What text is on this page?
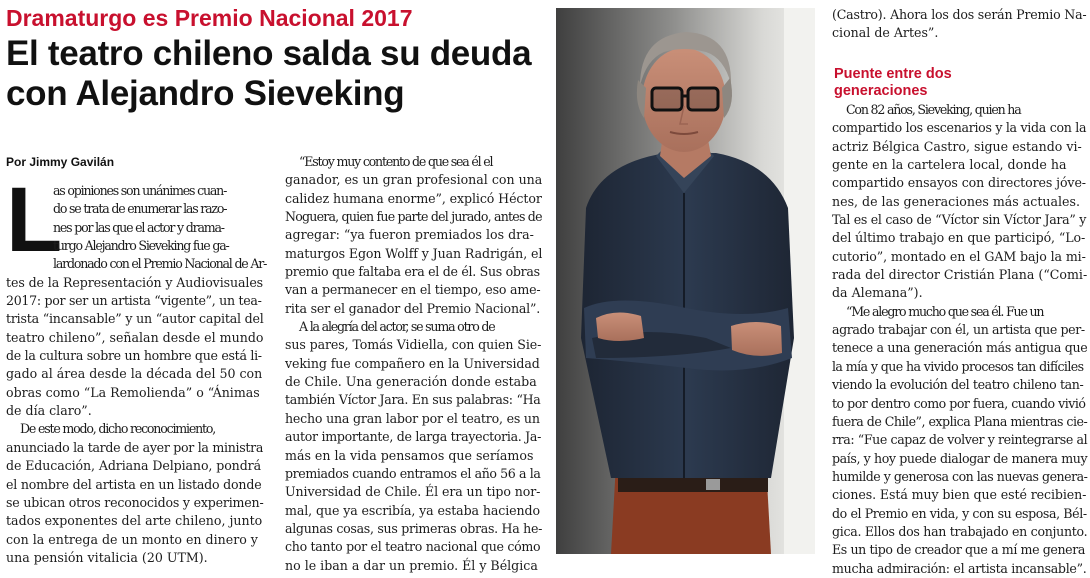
Dramaturgo es Premio Nacional 2017
El teatro chileno salda su deuda
con Alejandro Sieveking
Por Jimmy Gavilán

L
as opiniones son unánimes cuan-
do se trata de enumerar las razo-
nes por las que el actor y drama-
turgo Alejandro Sieveking fue ga-
lardonado con el Premio Nacional de Ar-
tes de la Representación y Audiovisuales
2017: por ser un artista “vigente”, un tea-
trista “incansable” y un “autor capital del
teatro chileno”, señalan desde el mundo
de la cultura sobre un hombre que está li-
gado al área desde la década del 50 con
obras como “La Remolienda” o “Ánimas
de día claro”.

De este modo, dicho reconocimiento,
anunciado la tarde de ayer por la ministra
de Educación, Adriana Delpiano, pondrá
el nombre del artista en un listado donde
se ubican otros reconocidos y experimen-
tados exponentes del arte chileno, junto
con la entrega de un monto en dinero y
una pensión vitalicia (20 UTM).

“Estoy muy contento de que sea él el
ganador, es un gran profesional con una
calidez humana enorme”, explicó Héctor
Noguera, quien fue parte del jurado, antes de
agregar: “ya fueron premiados los dra-
maturgos Egon Wolff y Juan Radrigán, el
premio que faltaba era el de él. Sus obras
van a permanecer en el tiempo, eso ame-
rita ser el ganador del Premio Nacional”.

A la alegría del actor, se suma otro de
sus pares, Tomás Vidiella, con quien Sie-
veking fue compañero en la Universidad
de Chile. Una generación donde estaba
también Víctor Jara. En sus palabras: “Ha
hecho una gran labor por el teatro, es un
autor importante, de larga trayectoria. Ja-
más en la vida pensamos que seríamos
premiados cuando entramos el año 56 a la
Universidad de Chile. Él era un tipo nor-
mal, que ya escribía, ya estaba haciendo
algunas cosas, sus primeras obras. Ha he-
cho tanto por el teatro nacional que cómo
no le iban a dar un premio. Él y Bélgica

(Castro). Ahora los dos serán Premio Na-
cional de Artes”.

Puente entre dos
generaciones

Con 82 años, Sieveking, quien ha
compartido los escenarios y la vida con la
actriz Bélgica Castro, sigue estando vi-
gente en la cartelera local, donde ha
compartido ensayos con directores jóve-
nes, de las generaciones más actuales.
Tal es el caso de “Víctor sin Víctor Jara” y
del último trabajo en que participó, “Lo-
cutorio”, montado en el GAM bajo la mi-
rada del director Cristián Plana (“Comi-
da Alemana”).

“Me alegro mucho que sea él. Fue un
agrado trabajar con él, un artista que per-
tenece a una generación más antigua que
la mía y que ha vivido procesos tan difíciles
viendo la evolución del teatro chileno tan-
to por dentro como por fuera, cuando vivió
fuera de Chile”, explica Plana mientras cie-
rra: “Fue capaz de volver y reintegrarse al
país, y hoy puede dialogar de manera muy
humilde y generosa con las nuevas genera-
ciones. Está muy bien que esté recibien-
do el Premio en vida, y con su esposa, Bél-
gica. Ellos dos han trabajado en conjunto.
Es un tipo de creador que a mí me genera
mucha admiración: el artista incansable”.
